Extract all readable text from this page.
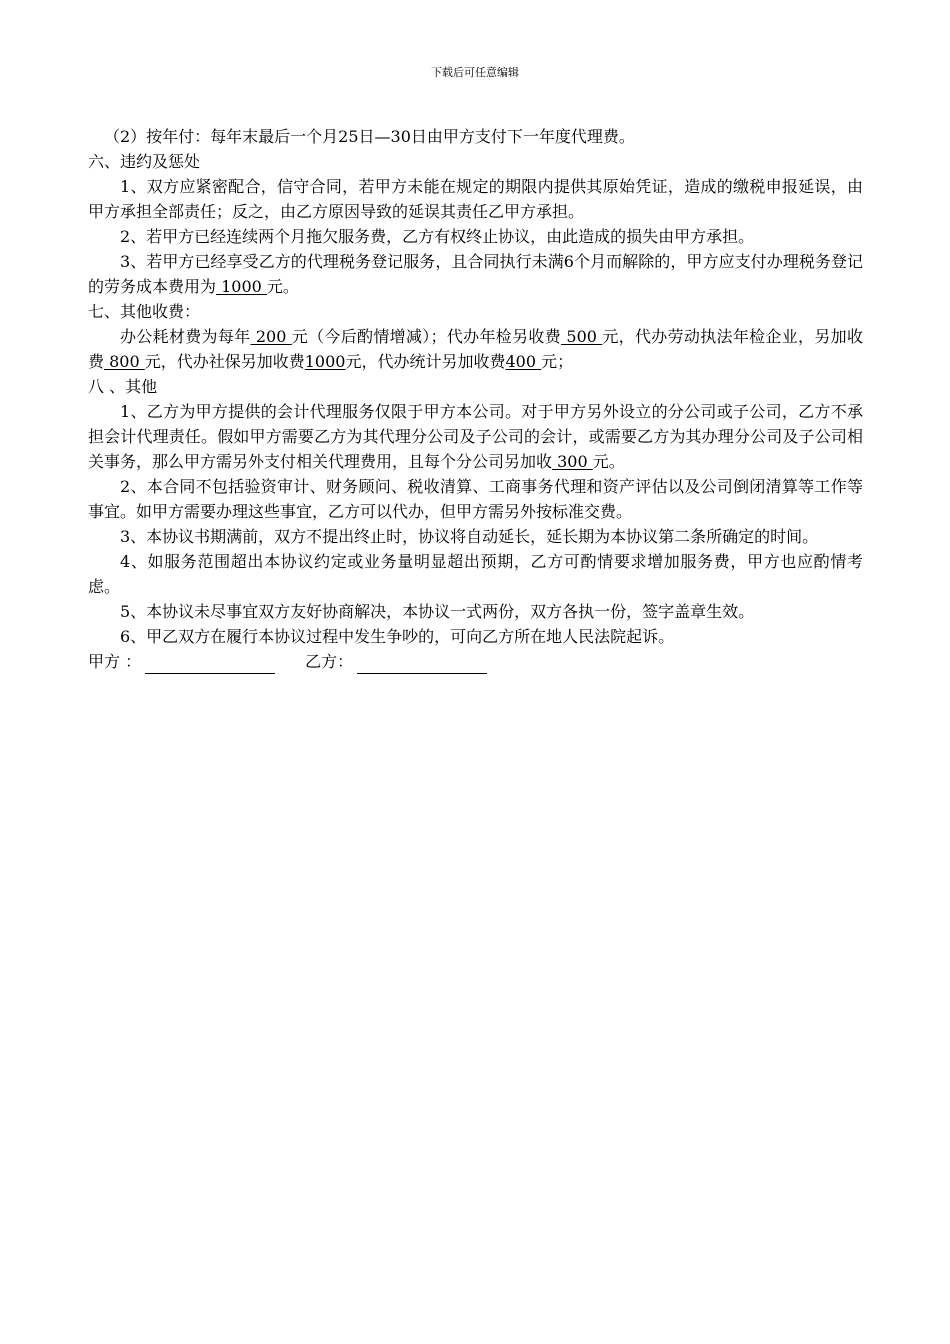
下载后可任意编辑

（2）按年付：每年末最后一个月25日—30日由甲方支付下一年度代理费。

六、违约及惩处

1、双方应紧密配合，信守合同，若甲方未能在规定的期限内提供其原始凭证，造成的缴税申报延误，由甲方承担全部责任；反之，由乙方原因导致的延误其责任乙甲方承担。

2、若甲方已经连续两个月拖欠服务费，乙方有权终止协议，由此造成的损失由甲方承担。

3、若甲方已经享受乙方的代理税务登记服务，且合同执行未满6个月而解除的，甲方应支付办理税务登记的劳务成本费用为 1000 元。

七、其他收费：

办公耗材费为每年 200 元（今后酌情增减）；代办年检另收费 500 元，代办劳动执法年检企业，另加收费 800 元，代办社保另加收费1000元，代办统计另加收费400 元；

八 、其他

1、乙方为甲方提供的会计代理服务仅限于甲方本公司。对于甲方另外设立的分公司或子公司，乙方不承担会计代理责任。假如甲方需要乙方为其代理分公司及子公司的会计，或需要乙方为其办理分公司及子公司相关事务，那么甲方需另外支付相关代理费用，且每个分公司另加收 300 元。

2、本合同不包括验资审计、财务顾问、税收清算、工商事务代理和资产评估以及公司倒闭清算等工作等事宜。如甲方需要办理这些事宜，乙方可以代办，但甲方需另外按标准交费。

3、本协议书期满前，双方不提出终止时，协议将自动延长，延长期为本协议第二条所确定的时间。

4、如服务范围超出本协议约定或业务量明显超出预期，乙方可酌情要求增加服务费，甲方也应酌情考虑。

5、本协议未尽事宜双方友好协商解决，本协议一式两份，双方各执一份，签字盖章生效。

6、甲乙双方在履行本协议过程中发生争吵的，可向乙方所在地人民法院起诉。

甲方 ：	乙方：
